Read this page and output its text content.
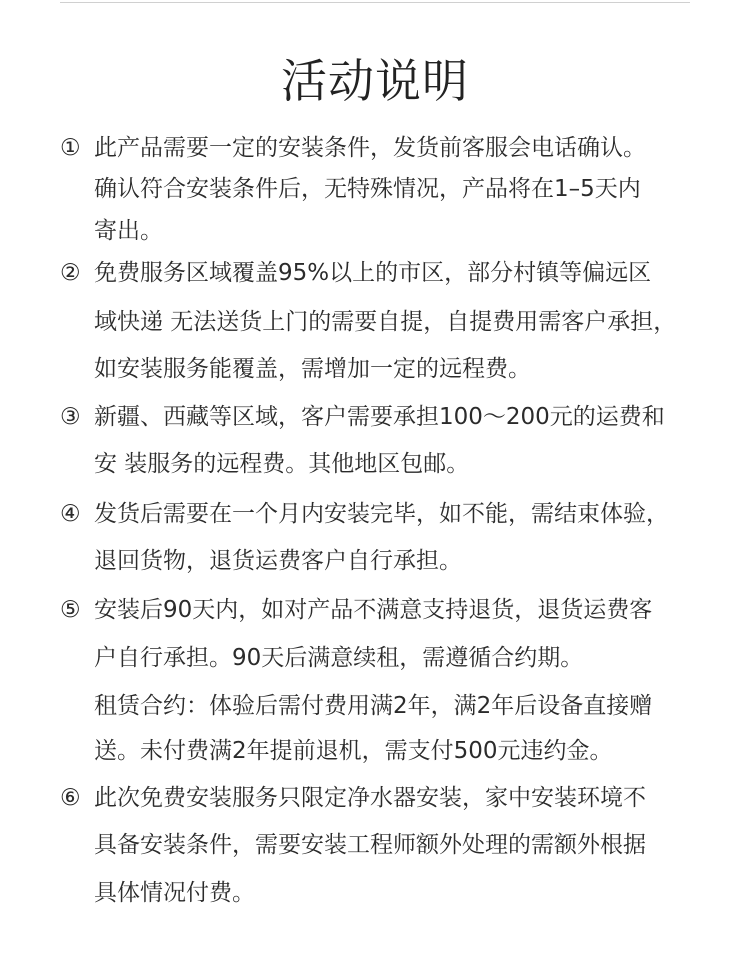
活动说明
① 此产品需要一定的安装条件，发货前客服会电话确认。
确认符合安装条件后，无特殊情况，产品将在1–5天内
寄出。
② 免费服务区域覆盖95%以上的市区，部分村镇等偏远区
域快递 无法送货上门的需要自提，自提费用需客户承担，
如安装服务能覆盖，需增加一定的远程费。
③ 新疆、西藏等区域，客户需要承担100～200元的运费和
安 装服务的远程费。其他地区包邮。
④ 发货后需要在一个月内安装完毕，如不能，需结束体验，
退回货物，退货运费客户自行承担。
⑤ 安装后90天内，如对产品不满意支持退货，退货运费客
户自行承担。90天后满意续租，需遵循合约期。
租赁合约：体验后需付费用满2年，满2年后设备直接赠
送。未付费满2年提前退机，需支付500元违约金。
⑥ 此次免费安装服务只限定净水器安装，家中安装环境不
具备安装条件，需要安装工程师额外处理的需额外根据
具体情况付费。
